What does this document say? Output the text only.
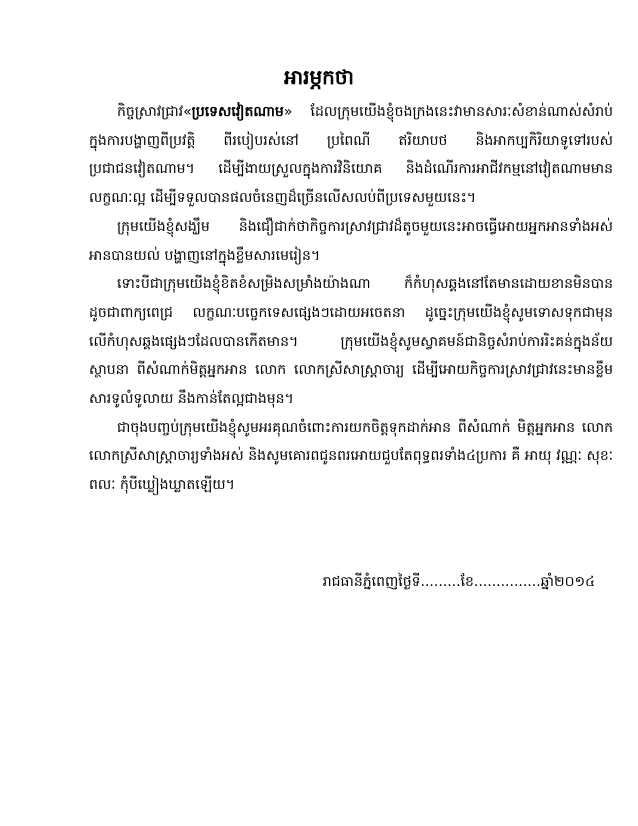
អារម្ភកថា

កិច្ចស្រាវជ្រាវ«ប្រទេសវៀតណាម» ដែលក្រុមយើងខ្ញុំចងក្រងនេះវាមានសារៈសំខាន់ណាស់សំរាប់ក្នុងការបង្ហាញពីប្រវត្តិ ពីរបៀបរស់នៅ ប្រពៃណី ឥរិយាបថ និងអាកប្បកិរិយាទូទៅរបស់ប្រជាជនវៀតណាម។ ដើម្បីងាយស្រួលក្នុងការវិនិយោគ និងដំណើរការអាជីវកម្មនៅវៀតណាមមានលក្ខណៈល្អ ដើម្បីទទួលបានផលចំនេញដ៏ច្រើនលើសលប់ពីប្រទេសមួយនេះ។

ក្រុមយើងខ្ញុំសង្ឃឹម និងជឿជាក់ថាកិច្ចការស្រាវជ្រាវដ៏តូចមួយនេះអាចធ្វើអោយអ្នកអានទាំងអស់ អានបានយល់ បង្ហាញនៅក្នុងខ្លឹមសារមេរៀន។

ទោះបីជាក្រុមយើងខ្ញុំខិតខំសម្រិងសម្រាំងយ៉ាងណា ក៏កំហុសឆ្គងនៅតែមានដោយខានមិនបាន ដូចជាពាក្យពេជ្រ លក្ខណៈបច្ចេកទេសផ្សេងៗដោយអចេតនា ដូច្នេះក្រុមយើងខ្ញុំសូមទោសទុកជាមុនលើកំហុសឆ្គងផ្សេងៗដែលបានកើតមាន។ ក្រុមយើងខ្ញុំសូមស្វាគមន៍ជានិច្ចសំរាប់ការរិះគន់ក្នុងន័យស្ថាបនា ពីសំណាក់មិត្តអ្នកអាន លោក លោកស្រីសាស្ត្រាចារ្យ ដើម្បីអោយកិច្ចការស្រាវជ្រាវនេះមានខ្លឹមសារទូលំទូលាយ នឹងកាន់តែល្អជាងមុន។

ជាចុងបញ្ចប់ក្រុមយើងខ្ញុំសូមអរគុណចំពោះការយកចិត្តទុកដាក់អាន ពីសំណាក់ មិត្តអ្នកអាន លោក លោកស្រីសាស្ត្រាចារ្យទាំងអស់ និងសូមគោរពជូនពរអោយជួបតែពុទ្ធពរទាំង៤ប្រការ គឺ អាយុ វណ្ណៈ សុខៈ ពលៈ កុំបីឃ្លៀងឃ្លាតឡើយ។

រាជធានីភ្នំពេញថ្ងៃទី.........ខែ...............ឆ្នាំ២០១៤
